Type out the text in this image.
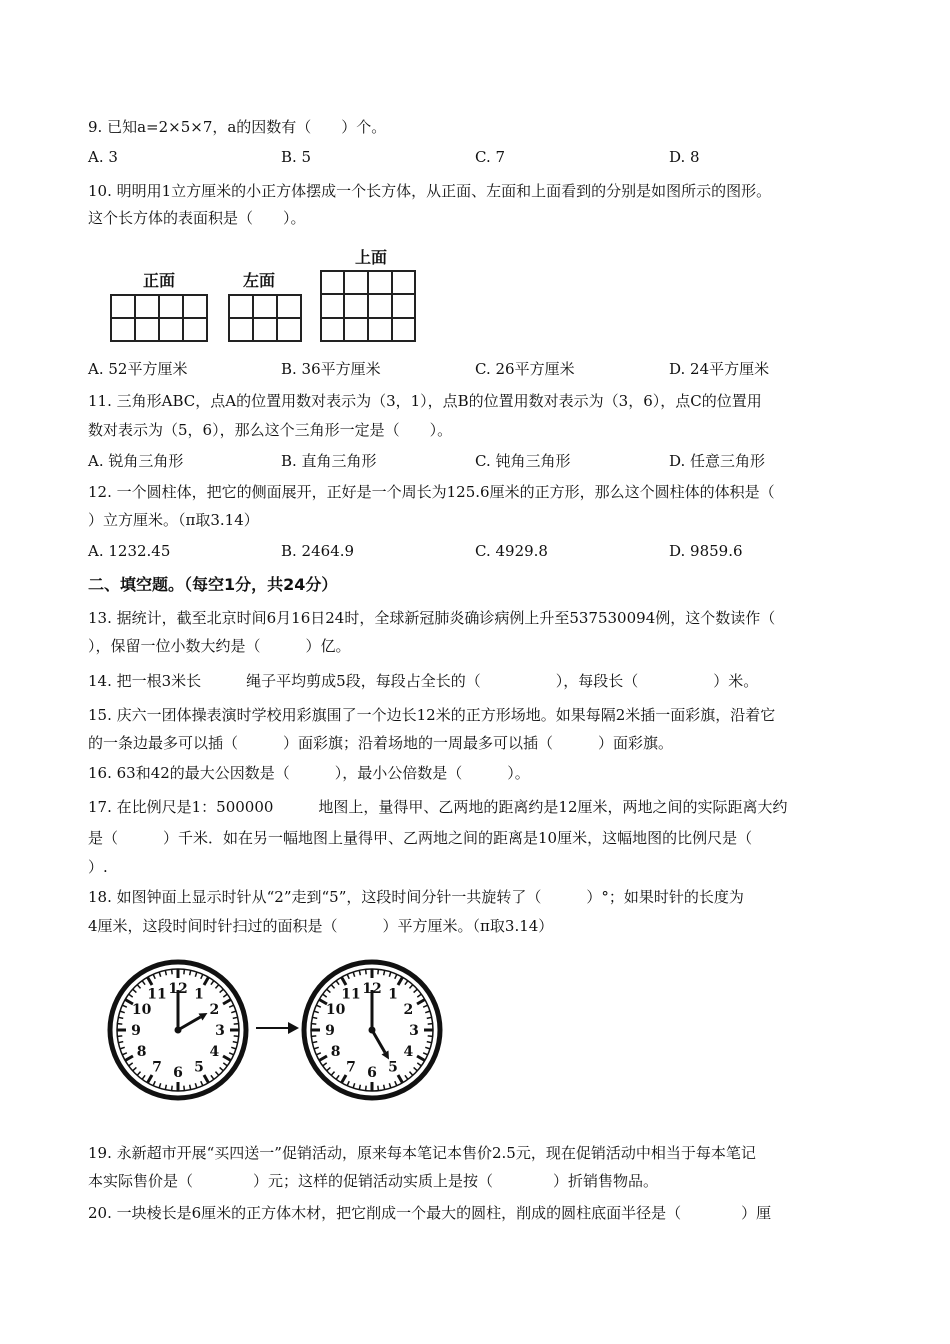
9. 已知a=2×5×7，a的因数有（　　）个。
A. 3	B. 5	C. 7	D. 8
10. 明明用1立方厘米的小正方体摆成一个长方体，从正面、左面和上面看到的分别是如图所示的图形。
这个长方体的表面积是（　　）。
正面	左面
上面
A. 52平方厘米	B. 36平方厘米	C. 26平方厘米	D. 24平方厘米
11. 三角形ABC，点A的位置用数对表示为（3，1），点B的位置用数对表示为（3，6），点C的位置用
数对表示为（5，6），那么这个三角形一定是（　　）。
A. 锐角三角形	B. 直角三角形	C. 钝角三角形	D. 任意三角形
12. 一个圆柱体，把它的侧面展开，正好是一个周长为125.6厘米的正方形，那么这个圆柱体的体积是（
）立方厘米。（π取3.14）
A. 1232.45	B. 2464.9	C. 4929.8	D. 9859.6
二、填空题。（每空1分，共24分）
13. 据统计，截至北京时间6月16日24时，全球新冠肺炎确诊病例上升至537530094例，这个数读作（
），保留一位小数大约是（　　　）亿。
14. 把一根3米长　　　绳子平均剪成5段，每段占全长的（　　　　　），每段长（　　　　　）米。
15. 庆六一团体操表演时学校用彩旗围了一个边长12米的正方形场地。如果每隔2米插一面彩旗，沿着它
的一条边最多可以插（　　　）面彩旗；沿着场地的一周最多可以插（　　　）面彩旗。
16. 63和42的最大公因数是（　　　），最小公倍数是（　　　）。
17. 在比例尺是1：500000　　　地图上，量得甲、乙两地的距离约是12厘米，两地之间的实际距离大约
是（　　　）千米．如在另一幅地图上量得甲、乙两地之间的距离是10厘米，这幅地图的比例尺是（
）.
18. 如图钟面上显示时针从“2”走到“5”，这段时间分针一共旋转了（　　　）°；如果时针的长度为
4厘米，这段时间时针扫过的面积是（　　　）平方厘米。（π取3.14）
12 1
2
3
4
5
6
7
8
9
10
11	12 1
2
3
4
5
6
7
8
9
10
11
19. 永新超市开展“买四送一”促销活动，原来每本笔记本售价2.5元，现在促销活动中相当于每本笔记
本实际售价是（　　　　）元；这样的促销活动实质上是按（　　　　）折销售物品。
20. 一块棱长是6厘米的正方体木材，把它削成一个最大的圆柱，削成的圆柱底面半径是（　　　　）厘
